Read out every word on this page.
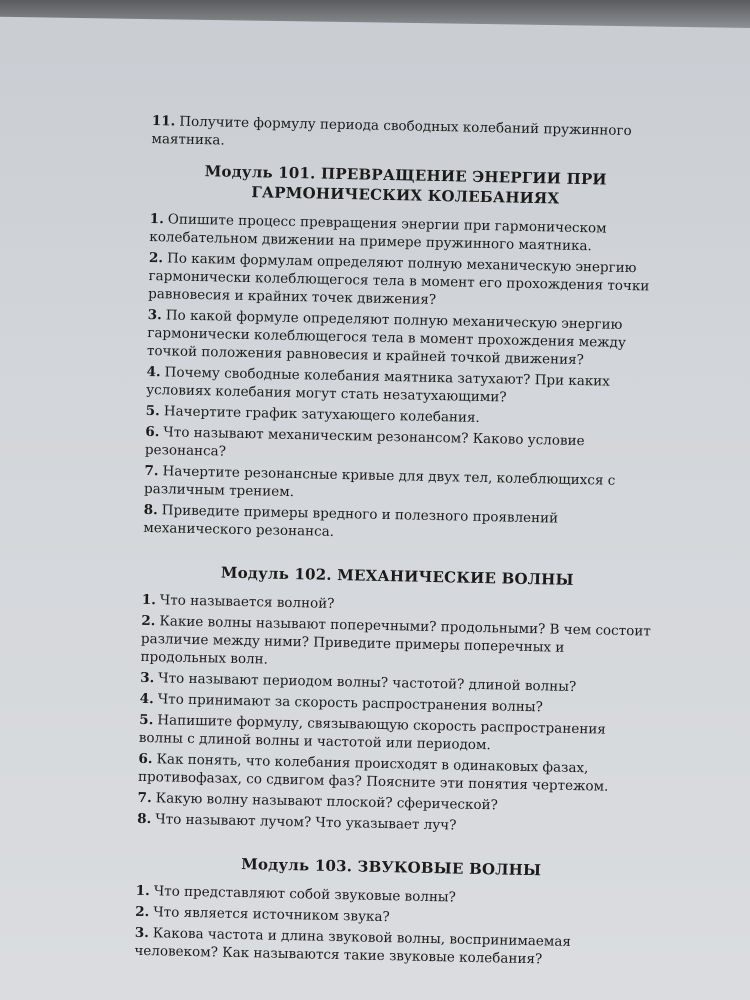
11. Получите формулу периода свободных колебаний пружинного маятника.

Модуль 101. ПРЕВРАЩЕНИЕ ЭНЕРГИИ ПРИ ГАРМОНИЧЕСКИХ КОЛЕБАНИЯХ

1. Опишите процесс превращения энергии при гармоническом колебательном движении на примере пружинного маятника.

2. По каким формулам определяют полную механическую энергию гармонически колеблющегося тела в момент его прохождения точки равновесия и крайних точек движения?

3. По какой формуле определяют полную механическую энергию гармонически колеблющегося тела в момент прохождения между точкой положения равновесия и крайней точкой движения?

4. Почему свободные колебания маятника затухают? При каких условиях колебания могут стать незатухающими?

5. Начертите график затухающего колебания.

6. Что называют механическим резонансом? Каково условие резонанса?

7. Начертите резонансные кривые для двух тел, колеблющихся с различным трением.

8. Приведите примеры вредного и полезного проявлений механического резонанса.

Модуль 102. МЕХАНИЧЕСКИЕ ВОЛНЫ

1. Что называется волной?

2. Какие волны называют поперечными? продольными? В чем состоит различие между ними? Приведите примеры поперечных и продольных волн.

3. Что называют периодом волны? частотой? длиной волны?

4. Что принимают за скорость распространения волны?

5. Напишите формулу, связывающую скорость распространения волны с длиной волны и частотой или периодом.

6. Как понять, что колебания происходят в одинаковых фазах, противофазах, со сдвигом фаз? Поясните эти понятия чертежом.

7. Какую волну называют плоской? сферической?

8. Что называют лучом? Что указывает луч?

Модуль 103. ЗВУКОВЫЕ ВОЛНЫ

1. Что представляют собой звуковые волны?

2. Что является источником звука?

3. Какова частота и длина звуковой волны, воспринимаемая человеком? Как называются такие звуковые колебания?
